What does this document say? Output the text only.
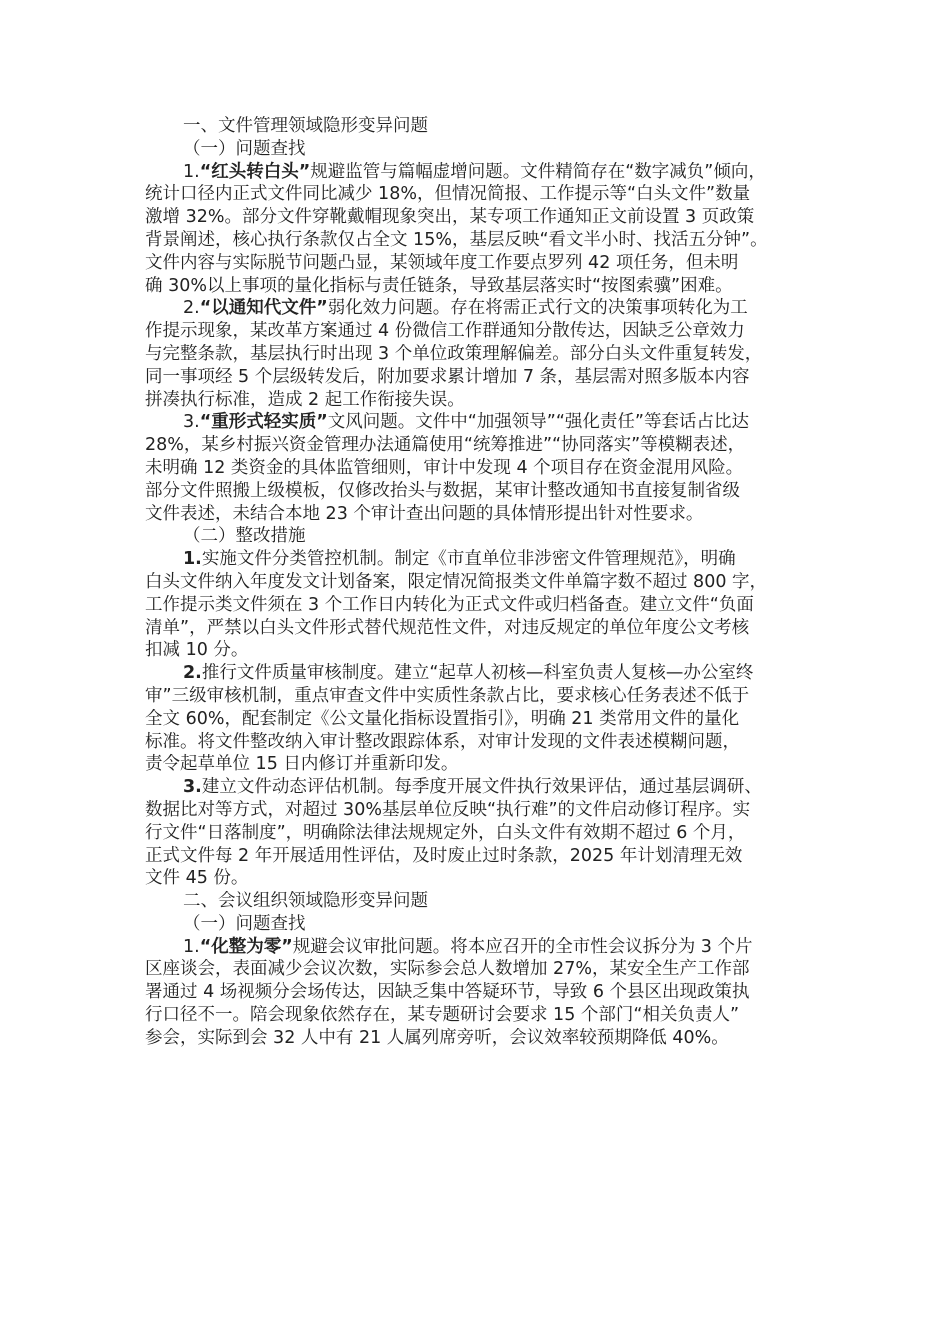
一、文件管理领域隐形变异问题
（一）问题查找
1.“红头转白头”规避监管与篇幅虚增问题。文件精简存在“数字减负”倾向，
统计口径内正式文件同比减少 18%，但情况简报、工作提示等“白头文件”数量
激增 32%。部分文件穿靴戴帽现象突出，某专项工作通知正文前设置 3 页政策
背景阐述，核心执行条款仅占全文 15%，基层反映“看文半小时、找活五分钟”。
文件内容与实际脱节问题凸显，某领域年度工作要点罗列 42 项任务，但未明
确 30%以上事项的量化指标与责任链条，导致基层落实时“按图索骥”困难。
2.“以通知代文件”弱化效力问题。存在将需正式行文的决策事项转化为工
作提示现象，某改革方案通过 4 份微信工作群通知分散传达，因缺乏公章效力
与完整条款，基层执行时出现 3 个单位政策理解偏差。部分白头文件重复转发，
同一事项经 5 个层级转发后，附加要求累计增加 7 条，基层需对照多版本内容
拼凑执行标准，造成 2 起工作衔接失误。
3.“重形式轻实质”文风问题。文件中“加强领导”“强化责任”等套话占比达
28%，某乡村振兴资金管理办法通篇使用“统筹推进”“协同落实”等模糊表述，
未明确 12 类资金的具体监管细则，审计中发现 4 个项目存在资金混用风险。
部分文件照搬上级模板，仅修改抬头与数据，某审计整改通知书直接复制省级
文件表述，未结合本地 23 个审计查出问题的具体情形提出针对性要求。
（二）整改措施
1.实施文件分类管控机制。制定《市直单位非涉密文件管理规范》，明确
白头文件纳入年度发文计划备案，限定情况简报类文件单篇字数不超过 800 字，
工作提示类文件须在 3 个工作日内转化为正式文件或归档备查。建立文件“负面
清单”，严禁以白头文件形式替代规范性文件，对违反规定的单位年度公文考核
扣减 10 分。
2.推行文件质量审核制度。建立“起草人初核—科室负责人复核—办公室终
审”三级审核机制，重点审查文件中实质性条款占比，要求核心任务表述不低于
全文 60%，配套制定《公文量化指标设置指引》，明确 21 类常用文件的量化
标准。将文件整改纳入审计整改跟踪体系，对审计发现的文件表述模糊问题，
责令起草单位 15 日内修订并重新印发。
3.建立文件动态评估机制。每季度开展文件执行效果评估，通过基层调研、
数据比对等方式，对超过 30%基层单位反映“执行难”的文件启动修订程序。实
行文件“日落制度”，明确除法律法规规定外，白头文件有效期不超过 6 个月，
正式文件每 2 年开展适用性评估，及时废止过时条款，2025 年计划清理无效
文件 45 份。
二、会议组织领域隐形变异问题
（一）问题查找
1.“化整为零”规避会议审批问题。将本应召开的全市性会议拆分为 3 个片
区座谈会，表面减少会议次数，实际参会总人数增加 27%，某安全生产工作部
署通过 4 场视频分会场传达，因缺乏集中答疑环节，导致 6 个县区出现政策执
行口径不一。陪会现象依然存在，某专题研讨会要求 15 个部门“相关负责人”
参会，实际到会 32 人中有 21 人属列席旁听，会议效率较预期降低 40%。
